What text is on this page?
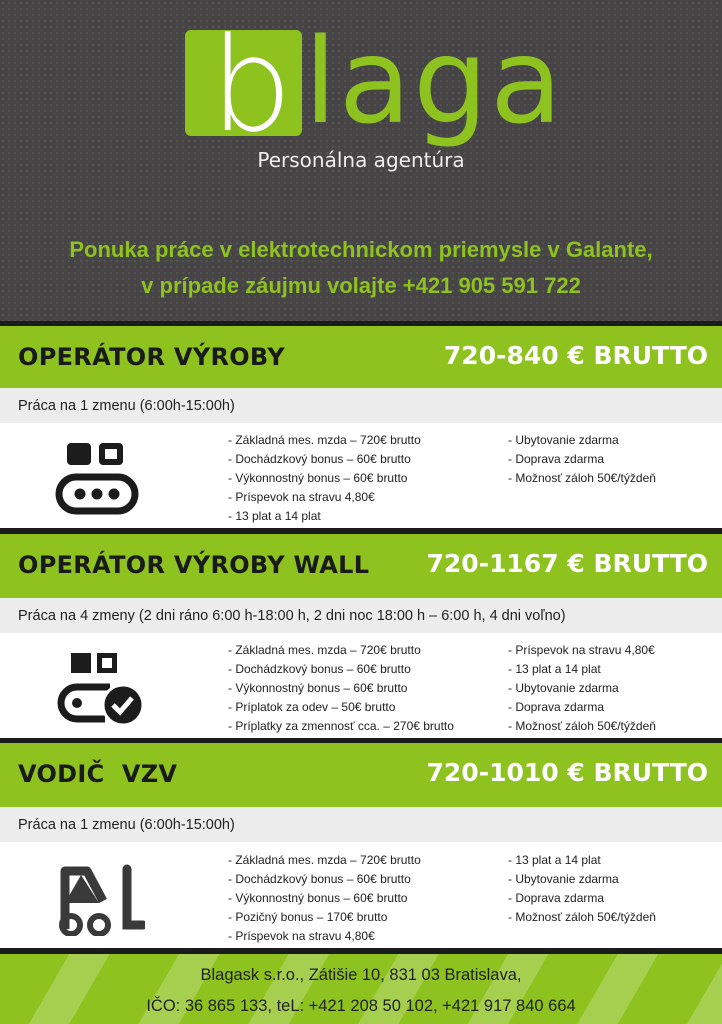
b laga
Personálna agentúra
Ponuka práce v elektrotechnickom priemysle v Galante,
v prípade záujmu volajte +421 905 591 722
OPERÁTOR VÝROBY	720-840 € BRUTTO
Práca na 1 zmenu (6:00h-15:00h)
- Základná mes. mzda – 720€ brutto
- Dochádzkový bonus – 60€ brutto
- Výkonnostný bonus – 60€ brutto
- Príspevok na stravu 4,80€
- 13 plat a 14 plat
- Ubytovanie zdarma
- Doprava zdarma
- Možnosť záloh 50€/týždeň
OPERÁTOR VÝROBY WALL 720-1167 € BRUTTO
Práca na 4 zmeny (2 dni ráno 6:00 h-18:00 h, 2 dni noc 18:00 h – 6:00 h, 4 dni voľno)
- Základná mes. mzda – 720€ brutto
- Dochádzkový bonus – 60€ brutto
- Výkonnostný bonus – 60€ brutto
- Príplatok za odev – 50€ brutto
- Príplatky za zmennosť cca. – 270€ brutto
- Príspevok na stravu 4,80€
- 13 plat a 14 plat
- Ubytovanie zdarma
- Doprava zdarma
- Možnosť záloh 50€/týždeň
VODIČ  VZV	720-1010 € BRUTTO
Práca na 1 zmenu (6:00h-15:00h)
- Základná mes. mzda – 720€ brutto
- Dochádzkový bonus – 60€ brutto
- Výkonnostný bonus – 60€ brutto
- Pozičný bonus – 170€ brutto
- Príspevok na stravu 4,80€
- 13 plat a 14 plat
- Ubytovanie zdarma
- Doprava zdarma
- Možnosť záloh 50€/týždeň
Blagask s.r.o., Zátišie 10, 831 03 Bratislava,
IČO: 36 865 133, teL: +421 208 50 102, +421 917 840 664
